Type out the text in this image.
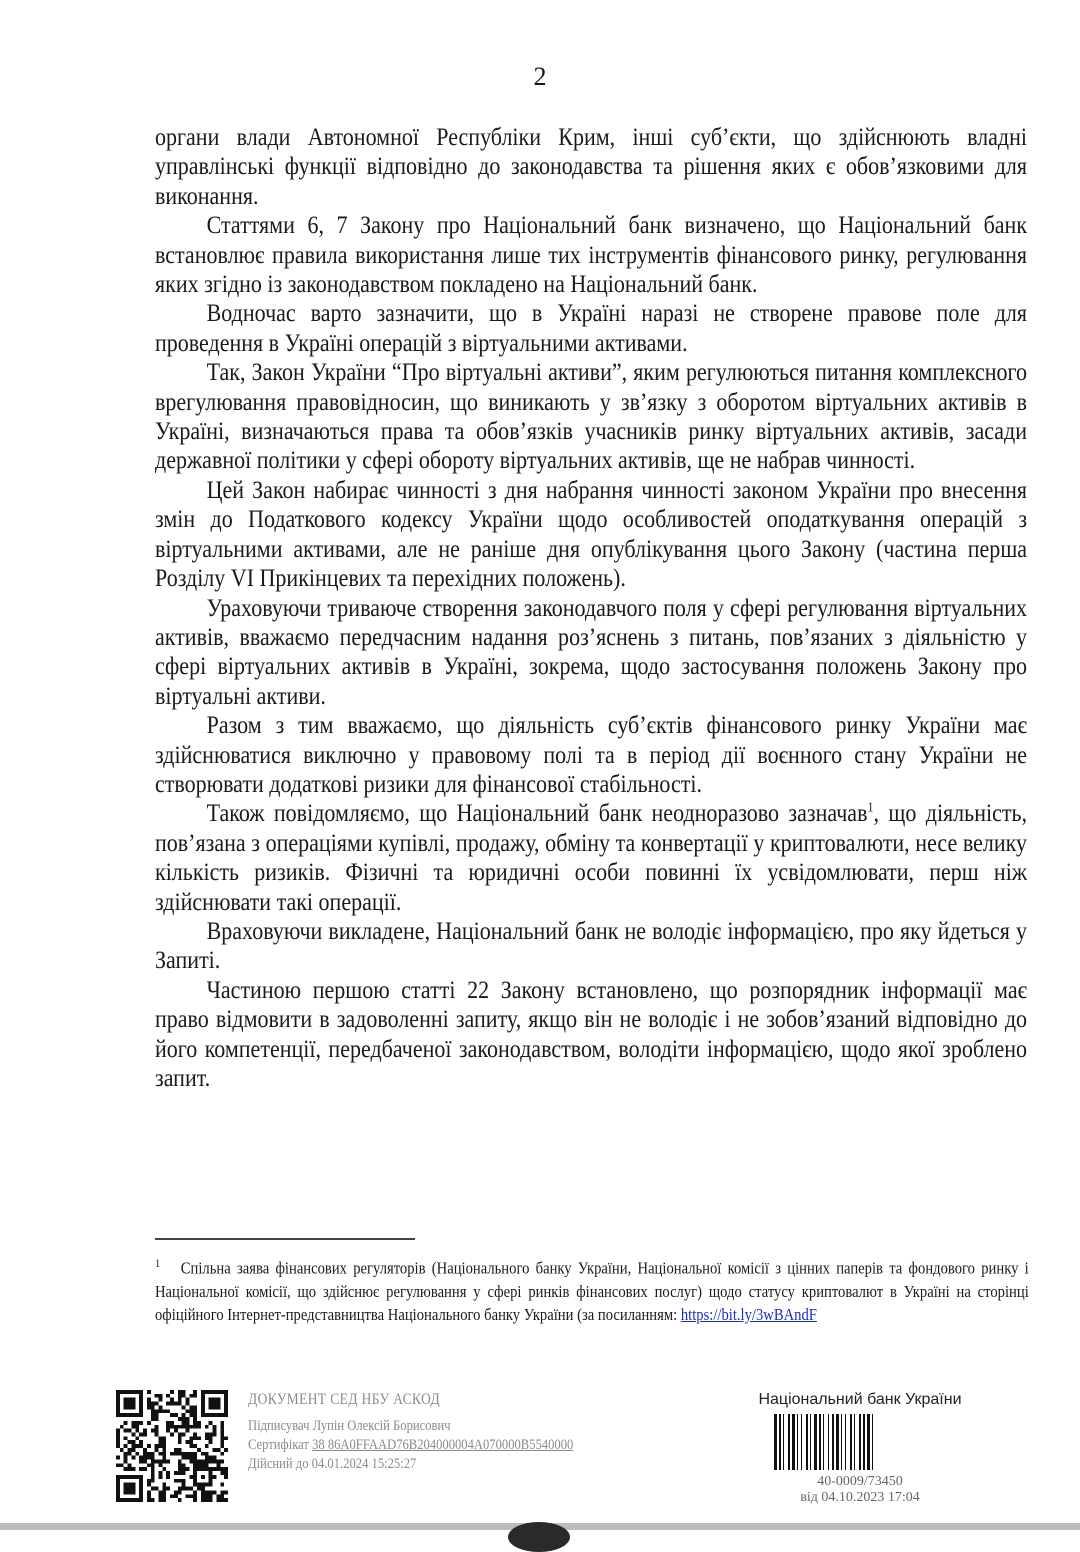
2

органи влади Автономної Республіки Крим, інші суб’єкти, що здійснюють владні управлінські функції відповідно до законодавства та рішення яких є обов’язковими для виконання.

Статтями 6, 7 Закону про Національний банк визначено, що Національний банк встановлює правила використання лише тих інструментів фінансового ринку, регулювання яких згідно із законодавством покладено на Національний банк.

Водночас варто зазначити, що в Україні наразі не створене правове поле для проведення в Україні операцій з віртуальними активами.

Так, Закон України “Про віртуальні активи”, яким регулюються питання комплексного врегулювання правовідносин, що виникають у зв’язку з оборотом віртуальних активів в Україні, визначаються права та обов’язків учасників ринку віртуальних активів, засади державної політики у сфері обороту віртуальних активів, ще не набрав чинності.

Цей Закон набирає чинності з дня набрання чинності законом України про внесення змін до Податкового кодексу України щодо особливостей оподаткування операцій з віртуальними активами, але не раніше дня опублікування цього Закону (частина перша Розділу VI Прикінцевих та перехідних положень).

Ураховуючи триваюче створення законодавчого поля у сфері регулювання віртуальних активів, вважаємо передчасним надання роз’яснень з питань, пов’язаних з діяльністю у сфері віртуальних активів в Україні, зокрема, щодо застосування положень Закону про віртуальні активи.

Разом з тим вважаємо, що діяльність суб’єктів фінансового ринку України має здійснюватися виключно у правовому полі та в період дії воєнного стану України не створювати додаткові ризики для фінансової стабільності.

Також повідомляємо, що Національний банк неодноразово зазначав$^1$, що діяльність, пов’язана з операціями купівлі, продажу, обміну та конвертації у криптовалюти, несе велику кількість ризиків. Фізичні та юридичні особи повинні їх усвідомлювати, перш ніж здійснювати такі операції.

Враховуючи викладене, Національний банк не володіє інформацією, про яку йдеться у Запиті.

Частиною першою статті 22 Закону встановлено, що розпорядник інформації має право відмовити в задоволенні запиту, якщо він не володіє і не зобов’язаний відповідно до його компетенції, передбаченої законодавством, володіти інформацією, щодо якої зроблено запит.

$^1$ Спільна заява фінансових регуляторів (Національного банку України, Національної комісії з цінних паперів та фондового ринку і Національної комісії, що здійснює регулювання у сфері ринків фінансових послуг) щодо статусу криптовалют в Україні на сторінці офіційного Інтернет-представництва Національного банку України (за посиланням: https://bit.ly/3wBAndF
ДОКУМЕНТ СЕД НБУ АСКОД
Підписувач Лупін Олексій Борисович
Сертифікат 38 86A0FFAAD76B204000004A070000B5540000
Дійсний до 04.01.2024 15:25:27
Національний банк України
40-0009/73450
від 04.10.2023 17:04
